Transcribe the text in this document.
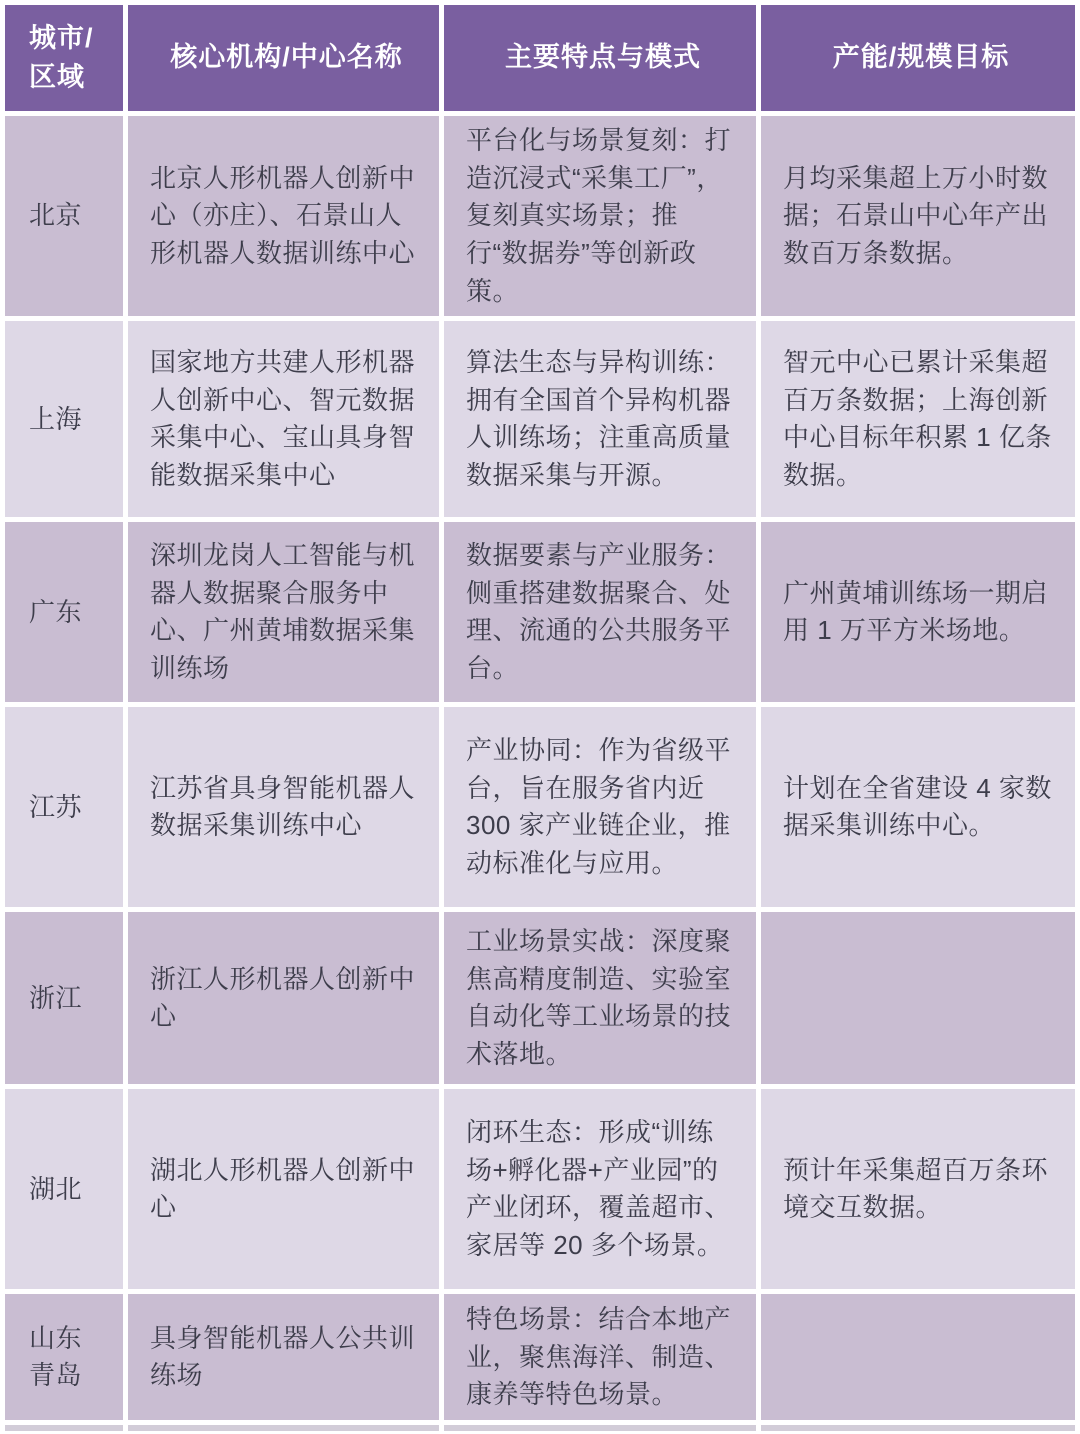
城市/区域	核心机构/中心名称	主要特点与模式	产能/规模目标
北京	北京人形机器人创新中心（亦庄）、石景山人形机器人数据训练中心	平台化与场景复刻：打造沉浸式“采集工厂”，复刻真实场景；推行“数据券”等创新政策。	月均采集超上万小时数据；石景山中心年产出数百万条数据。
上海	国家地方共建人形机器人创新中心、智元数据采集中心、宝山具身智能数据采集中心	算法生态与异构训练：拥有全国首个异构机器人训练场；注重高质量数据采集与开源。	智元中心已累计采集超百万条数据；上海创新中心目标年积累 1 亿条数据。
广东	深圳龙岗人工智能与机器人数据聚合服务中心、广州黄埔数据采集训练场	数据要素与产业服务：侧重搭建数据聚合、处理、流通的公共服务平台。	广州黄埔训练场一期启用 1 万平方米场地。
江苏	江苏省具身智能机器人数据采集训练中心	产业协同：作为省级平台，旨在服务省内近 300 家产业链企业，推动标准化与应用。	计划在全省建设 4 家数据采集训练中心。
浙江	浙江人形机器人创新中心	工业场景实战：深度聚焦高精度制造、实验室自动化等工业场景的技术落地。	
湖北	湖北人形机器人创新中心	闭环生态：形成“训练场+孵化器+产业园”的产业闭环，覆盖超市、家居等 20 多个场景。	预计年采集超百万条环境交互数据。
山东青岛	具身智能机器人公共训练场	特色场景：结合本地产业，聚焦海洋、制造、康养等特色场景。	
